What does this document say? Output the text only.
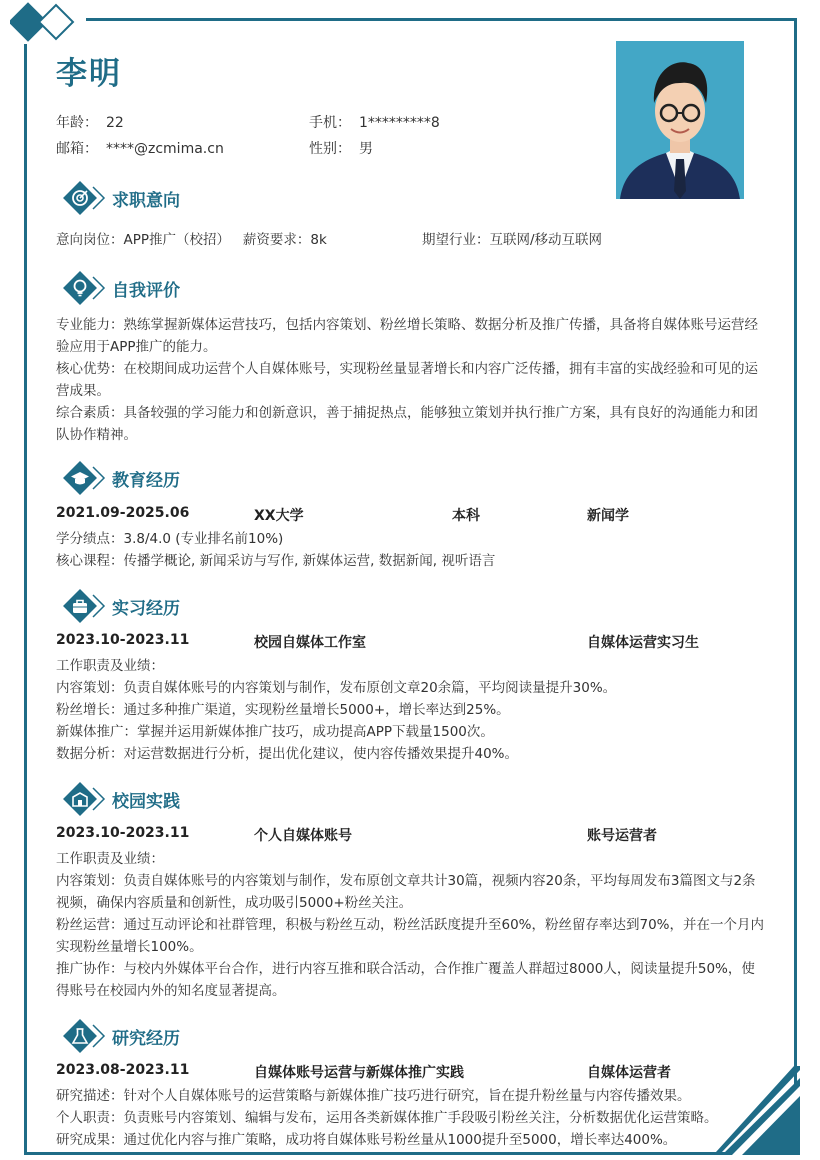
李明
年龄： 22	手机： 1*********8
邮箱： ****@zcmima.cn	性别： 男
求职意向
意向岗位：APP推广（校招）   薪资要求：8k	期望行业：互联网/移动互联网
自我评价

专业能力：熟练掌握新媒体运营技巧，包括内容策划、粉丝增长策略、数据分析及推广传播，具备将自媒体账号运营经验应用于APP推广的能力。

核心优势：在校期间成功运营个人自媒体账号，实现粉丝量显著增长和内容广泛传播，拥有丰富的实战经验和可见的运营成果。

综合素质：具备较强的学习能力和创新意识，善于捕捉热点，能够独立策划并执行推广方案，具有良好的沟通能力和团队协作精神。

教育经历
2021.09-2025.06	XX大学	本科	新闻学
学分绩点：3.8/4.0 (专业排名前10%)
核心课程：传播学概论, 新闻采访与写作, 新媒体运营, 数据新闻, 视听语言
实习经历
2023.10-2023.11	校园自媒体工作室	自媒体运营实习生

工作职责及业绩：

内容策划：负责自媒体账号的内容策划与制作，发布原创文章20余篇，平均阅读量提升30%。

粉丝增长：通过多种推广渠道，实现粉丝量增长5000+，增长率达到25%。

新媒体推广：掌握并运用新媒体推广技巧，成功提高APP下载量1500次。

数据分析：对运营数据进行分析，提出优化建议，使内容传播效果提升40%。

校园实践
2023.10-2023.11	个人自媒体账号	账号运营者

工作职责及业绩：

内容策划：负责自媒体账号的内容策划与制作，发布原创文章共计30篇，视频内容20条，平均每周发布3篇图文与2条视频，确保内容质量和创新性，成功吸引5000+粉丝关注。

粉丝运营：通过互动评论和社群管理，积极与粉丝互动，粉丝活跃度提升至60%，粉丝留存率达到70%，并在一个月内实现粉丝量增长100%。

推广协作：与校内外媒体平台合作，进行内容互推和联合活动，合作推广覆盖人群超过8000人，阅读量提升50%，使得账号在校园内外的知名度显著提高。

研究经历
2023.08-2023.11	自媒体账号运营与新媒体推广实践	自媒体运营者

研究描述：针对个人自媒体账号的运营策略与新媒体推广技巧进行研究，旨在提升粉丝量与内容传播效果。

个人职责：负责账号内容策划、编辑与发布，运用各类新媒体推广手段吸引粉丝关注，分析数据优化运营策略。

研究成果：通过优化内容与推广策略，成功将自媒体账号粉丝量从1000提升至5000，增长率达400%。
